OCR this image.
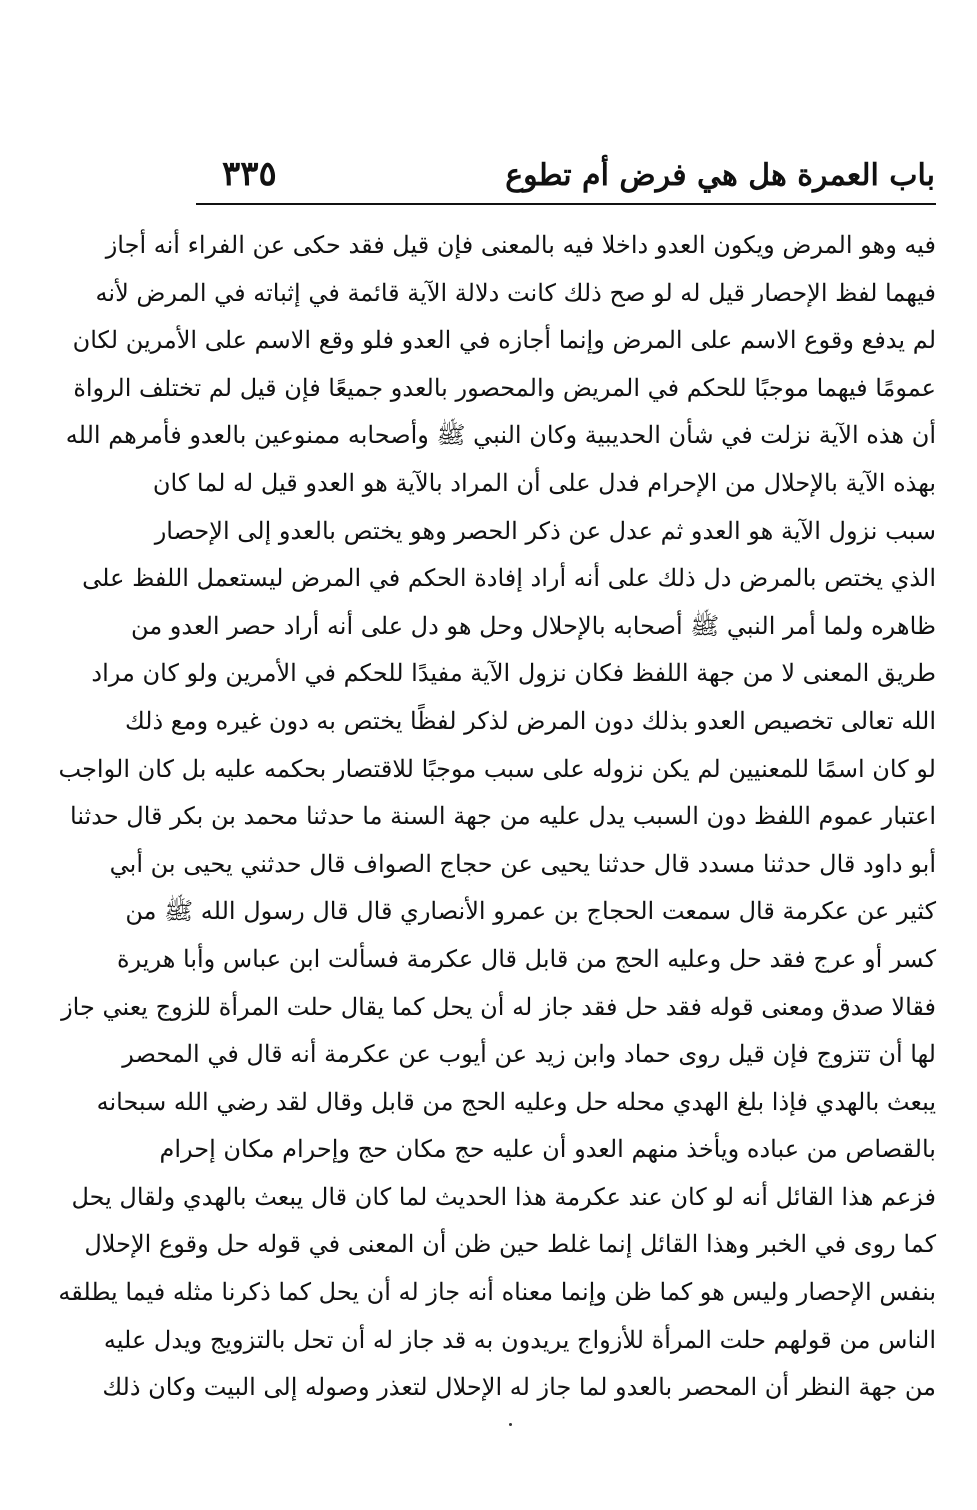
باب العمرة هل هي فرض أم تطوع
٣٣٥
فيه وهو المرض ويكون العدو داخلا فيه بالمعنى فإن قيل فقد حكى عن الفراء أنه أجاز
فيهما لفظ الإحصار قيل له لو صح ذلك كانت دلالة الآية قائمة في إثباته في المرض لأنه
لم يدفع وقوع الاسم على المرض وإنما أجازه في العدو فلو وقع الاسم على الأمرين لكان
عمومًا فيهما موجبًا للحكم في المريض والمحصور بالعدو جميعًا فإن قيل لم تختلف الرواة
أن هذه الآية نزلت في شأن الحديبية وكان النبي ﷺ وأصحابه ممنوعين بالعدو فأمرهم الله
بهذه الآية بالإحلال من الإحرام فدل على أن المراد بالآية هو العدو قيل له لما كان
سبب نزول الآية هو العدو ثم عدل عن ذكر الحصر وهو يختص بالعدو إلى الإحصار
الذي يختص بالمرض دل ذلك على أنه أراد إفادة الحكم في المرض ليستعمل اللفظ على
ظاهره ولما أمر النبي ﷺ أصحابه بالإحلال وحل هو دل على أنه أراد حصر العدو من
طريق المعنى لا من جهة اللفظ فكان نزول الآية مفيدًا للحكم في الأمرين ولو كان مراد
الله تعالى تخصيص العدو بذلك دون المرض لذكر لفظًا يختص به دون غيره ومع ذلك
لو كان اسمًا للمعنيين لم يكن نزوله على سبب موجبًا للاقتصار بحكمه عليه بل كان الواجب
اعتبار عموم اللفظ دون السبب يدل عليه من جهة السنة ما حدثنا محمد بن بكر قال حدثنا
أبو داود قال حدثنا مسدد قال حدثنا يحيى عن حجاج الصواف قال حدثني يحيى بن أبي
كثير عن عكرمة قال سمعت الحجاج بن عمرو الأنصاري قال قال رسول الله ﷺ من
كسر أو عرج فقد حل وعليه الحج من قابل قال عكرمة فسألت ابن عباس وأبا هريرة
فقالا صدق ومعنى قوله فقد حل فقد جاز له أن يحل كما يقال حلت المرأة للزوج يعني جاز
لها أن تتزوج فإن قيل روى حماد وابن زيد عن أيوب عن عكرمة أنه قال في المحصر
يبعث بالهدي فإذا بلغ الهدي محله حل وعليه الحج من قابل وقال لقد رضي الله سبحانه
بالقصاص من عباده ويأخذ منهم العدو أن عليه حج مكان حج وإحرام مكان إحرام
فزعم هذا القائل أنه لو كان عند عكرمة هذا الحديث لما كان قال يبعث بالهدي ولقال يحل
كما روى في الخبر وهذا القائل إنما غلط حين ظن أن المعنى في قوله حل وقوع الإحلال
بنفس الإحصار وليس هو كما ظن وإنما معناه أنه جاز له أن يحل كما ذكرنا مثله فيما يطلقه
الناس من قولهم حلت المرأة للأزواج يريدون به قد جاز له أن تحل بالتزويج ويدل عليه
من جهة النظر أن المحصر بالعدو لما جاز له الإحلال لتعذر وصوله إلى البيت وكان ذلك
